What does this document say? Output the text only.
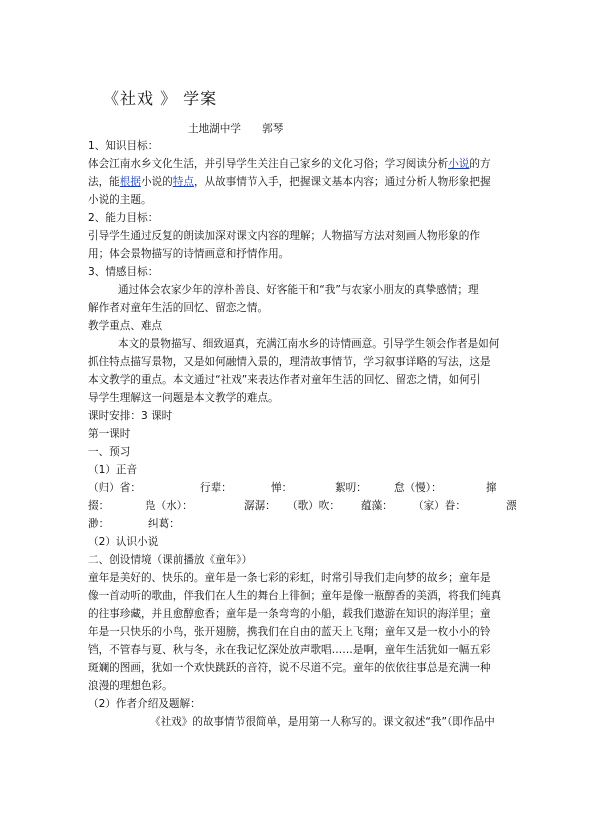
《社戏 》 学案
土地湖中学　　郭琴
1、知识目标：
体会江南水乡文化生活，并引导学生关注自己家乡的文化习俗；学习阅读分析小说的方
法，能根据小说的特点，从故事情节入手，把握课文基本内容；通过分析人物形象把握
小说的主题。
2、能力目标：
引导学生通过反复的朗读加深对课文内容的理解；人物描写方法对刻画人物形象的作
用；体会景物描写的诗情画意和抒情作用。
3、情感目标：
通过体会农家少年的淳朴善良、好客能干和“我”与农家小朋友的真挚感情；理
解作者对童年生活的回忆、留恋之情。
教学重点、难点
本文的景物描写、细致逼真，充满江南水乡的诗情画意。引导学生领会作者是如何
抓住特点描写景物，又是如何融情入景的，理清故事情节，学习叙事详略的写法，这是
本文教学的重点。本文通过“社戏”来表达作者对童年生活的回忆、留恋之情，如何引
导学生理解这一问题是本文教学的难点。
课时安排：3 课时
第一课时
一、预习
（1）正音
（归）省：	行辈：	惮：	絮叨：	怠（慢）：	撺
掇：	凫（水）：	潺潺： （歌）吹： 蕴藻： （家）眷：	漂
渺：	纠葛：
（2）认识小说
二、创设情境（课前播放《童年》）
童年是美好的、快乐的。童年是一条七彩的彩虹，时常引导我们走向梦的故乡；童年是
像一首动听的歌曲，伴我们在人生的舞台上徘徊；童年是像一瓶醇香的美酒，将我们纯真
的往事珍藏，并且愈醇愈香；童年是一条弯弯的小船，载我们遨游在知识的海洋里；童
年是一只快乐的小鸟，张开翅膀，携我们在自由的蓝天上飞翔；童年又是一枚小小的铃
铛，不管春与夏、秋与冬，永在我记忆深处放声歌唱……是啊，童年生活犹如一幅五彩
斑斓的图画，犹如一个欢快跳跃的音符，说不尽道不完。童年的依依往事总是充满一种
浪漫的理想色彩。
（2）作者介绍及题解：
《社戏》的故事情节很简单，是用第一人称写的。课文叙述“我”（即作品中
